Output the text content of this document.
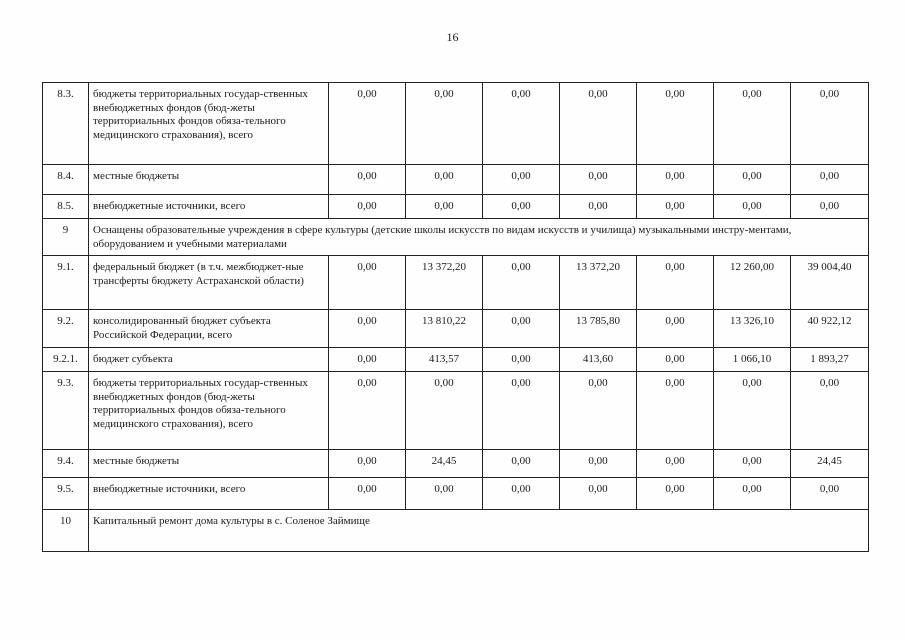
16
8.3.	бюджеты территориальных государ-ственных внебюджетных фондов (бюд-жеты территориальных фондов обяза-тельного медицинского страхования), всего	0,00	0,00	0,00	0,00	0,00	0,00	0,00
8.4.	местные бюджеты	0,00	0,00	0,00	0,00	0,00	0,00	0,00
8.5.	внебюджетные источники, всего	0,00	0,00	0,00	0,00	0,00	0,00	0,00
9	Оснащены образовательные учреждения в сфере культуры (детские школы искусств по видам искусств и училища) музыкальными инстру-ментами, оборудованием и учебными материалами							
9.1.	федеральный бюджет (в т.ч. межбюджет-ные трансферты бюджету Астраханской области)	0,00	13 372,20	0,00	13 372,20	0,00	12 260,00	39 004,40
9.2.	консолидированный бюджет субъекта Российской Федерации, всего	0,00	13 810,22	0,00	13 785,80	0,00	13 326,10	40 922,12
9.2.1.	бюджет субъекта	0,00	413,57	0,00	413,60	0,00	1 066,10	1 893,27
9.3.	бюджеты территориальных государ-ственных внебюджетных фондов (бюд-жеты территориальных фондов обяза-тельного медицинского страхования), всего	0,00	0,00	0,00	0,00	0,00	0,00	0,00
9.4.	местные бюджеты	0,00	24,45	0,00	0,00	0,00	0,00	24,45
9.5.	внебюджетные источники, всего	0,00	0,00	0,00	0,00	0,00	0,00	0,00
10	Капитальный ремонт дома культуры в с. Соленое Займище							
